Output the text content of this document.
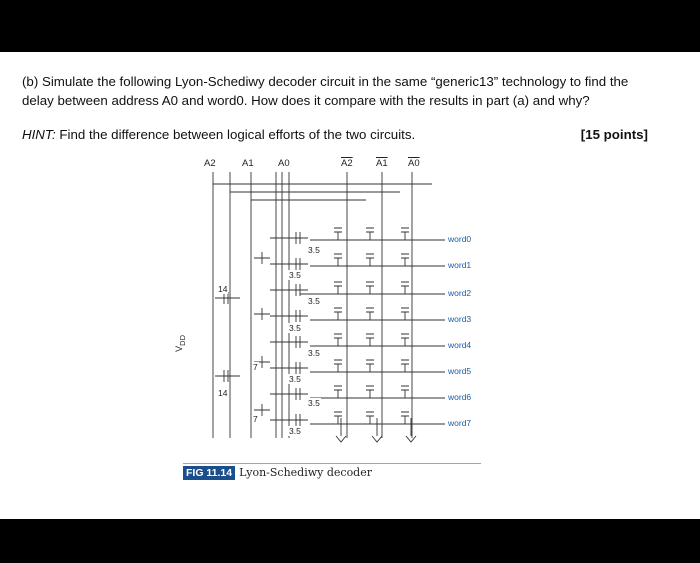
(b) Simulate the following Lyon-Schediwy decoder circuit in the same “generic13” technology to find the
delay between address A0 and word0. How does it compare with the results in part (a) and why?
HINT: Find the difference between logical efforts of the two circuits.	[15 points]
A2	A1	A0	A2 A1 A0
word0
word1
word2
word3
word4
word5
word6
word7
3.5
3.5
14
3.5
3.5
3.5
7
3.5
14
3.5
7
3.5
$V_{DD}$
FIG 11.14 Lyon-Schediwy decoder
